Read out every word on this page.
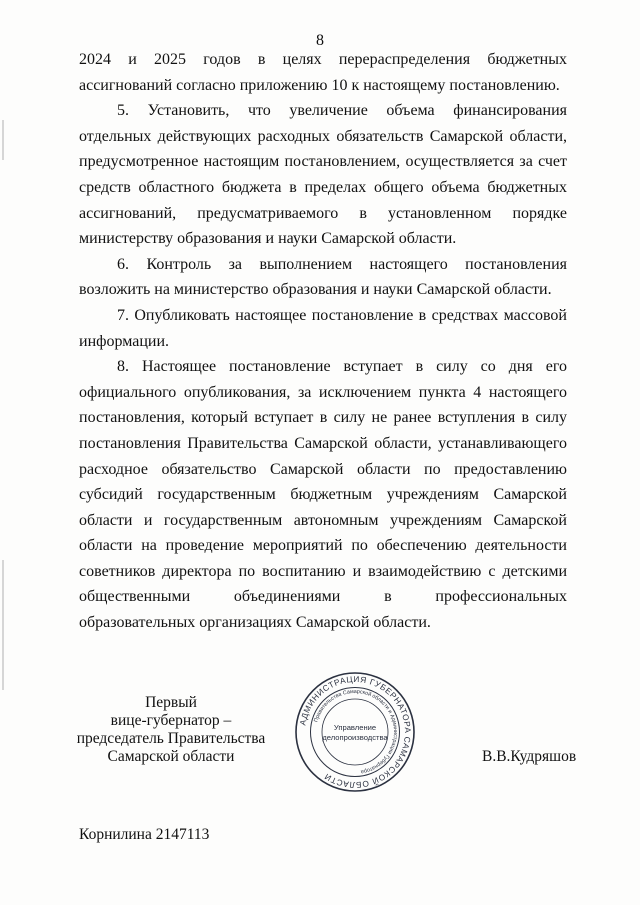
8

2024 и 2025 годов в целях перераспределения бюджетных ассигнований согласно приложению 10 к настоящему постановлению.

5. Установить, что увеличение объема финансирования отдельных действующих расходных обязательств Самарской области, предусмотренное настоящим постановлением, осуществляется за счет средств областного бюджета в пределах общего объема бюджетных ассигнований, предусматриваемого в установленном порядке министерству образования и науки Самарской области.

6. Контроль за выполнением настоящего постановления возложить на министерство образования и науки Самарской области.

7. Опубликовать настоящее постановление в средствах массовой информации.

8. Настоящее постановление вступает в силу со дня его официального опубликования, за исключением пункта 4 настоящего постановления, который вступает в силу не ранее вступления в силу постановления Правительства Самарской области, устанавливающего расходное обязательство Самарской области по предоставлению субсидий государственным бюджетным учреждениям Самарской области и государственным автономным учреждениям Самарской области на проведение мероприятий по обеспечению деятельности советников директора по воспитанию и взаимодействию с детскими общественными объединениями в профессиональных образовательных организациях Самарской области.

Первый
вице-губернатор –
председатель Правительства
Самарской области
АДМИНИСТРАЦИЯ ГУБЕРНАТОРА САМАРСКОЙ ОБЛАСТИ
Правительства Самарской области и Администрации Губернатора
Управление
делопроизводства
В.В.Кудряшов
Корнилина 2147113
